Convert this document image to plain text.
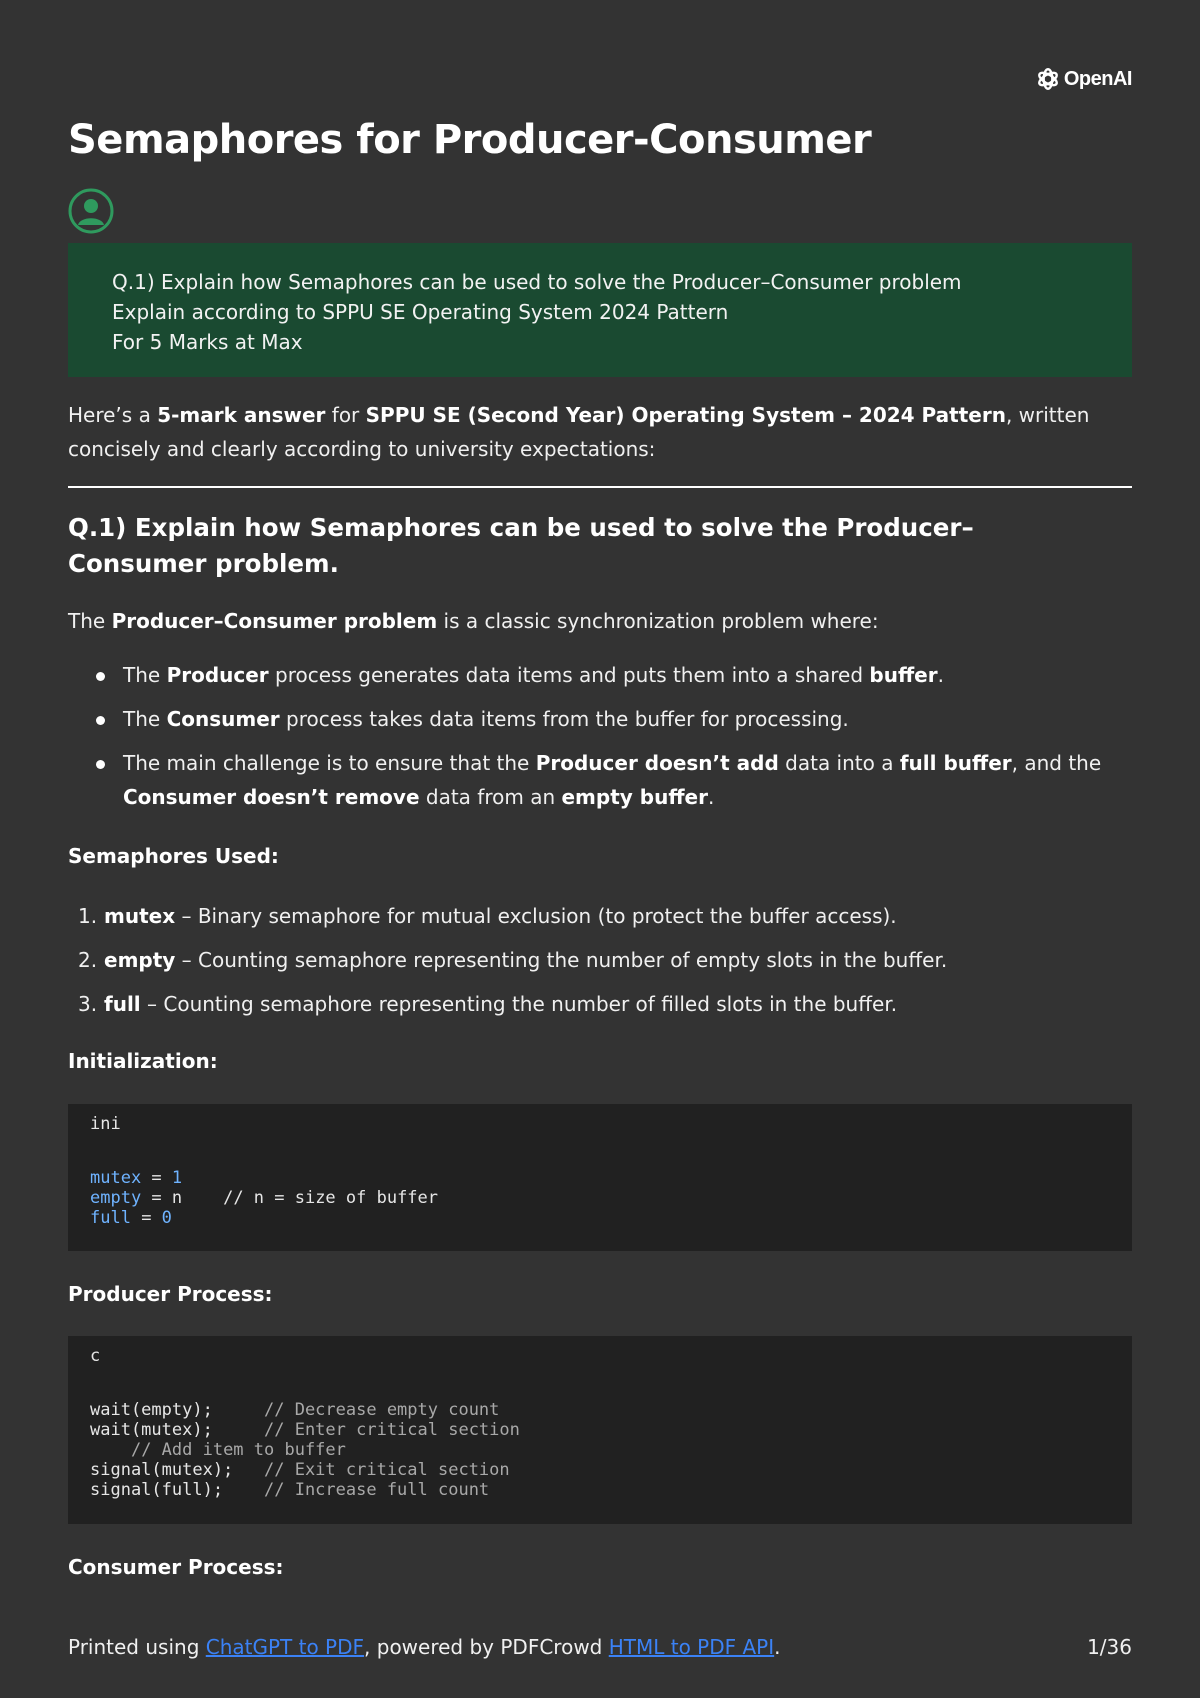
OpenAI
Semaphores for Producer-Consumer
Q.1) Explain how Semaphores can be used to solve the Producer–Consumer problem
Explain according to SPPU SE Operating System 2024 Pattern
For 5 Marks at Max
Here’s a 5-mark answer for SPPU SE (Second Year) Operating System – 2024 Pattern, written concisely and clearly according to university expectations:
Q.1) Explain how Semaphores can be used to solve the Producer–Consumer problem.
The Producer–Consumer problem is a classic synchronization problem where:
The Producer process generates data items and puts them into a shared buffer.
The Consumer process takes data items from the buffer for processing.
The main challenge is to ensure that the Producer doesn’t add data into a full buffer, and the Consumer doesn’t remove data from an empty buffer.
Semaphores Used:
1. mutex – Binary semaphore for mutual exclusion (to protect the buffer access).
2. empty – Counting semaphore representing the number of empty slots in the buffer.
3. full – Counting semaphore representing the number of filled slots in the buffer.
Initialization:
ini
mutex = 1
empty = n    // n = size of buffer
full = 0
Producer Process:
c
wait(empty);     // Decrease empty count
wait(mutex);     // Enter critical section
// Add item to buffer
signal(mutex);   // Exit critical section
signal(full);    // Increase full count
Consumer Process:
Printed using ChatGPT to PDF, powered by PDFCrowd HTML to PDF API.	1/36
